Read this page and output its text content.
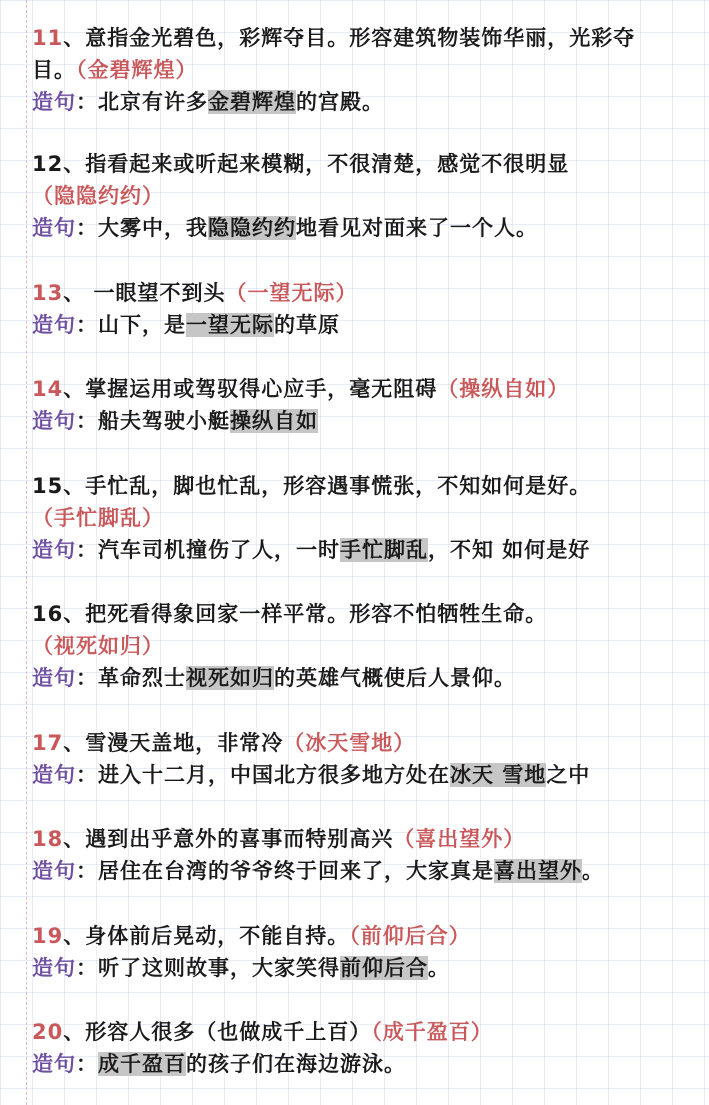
11、意指金光碧色，彩辉夺目。形容建筑物装饰华丽，光彩夺
目。（金碧辉煌）
造句：北京有许多金碧辉煌的宫殿。
12、指看起来或听起来模糊，不很清楚，感觉不很明显
（隐隐约约）
造句：大雾中，我隐隐约约地看见对面来了一个人。
13、 一眼望不到头（一望无际）
造句：山下，是一望无际的草原
14、掌握运用或驾驭得心应手，毫无阻碍（操纵自如）
造句：船夫驾驶小艇操纵自如
15、手忙乱，脚也忙乱，形容遇事慌张，不知如何是好。
（手忙脚乱）
造句：汽车司机撞伤了人，一时手忙脚乱，不知 如何是好
16、把死看得象回家一样平常。形容不怕牺牲生命。
（视死如归）
造句：革命烈士视死如归的英雄气概使后人景仰。
17、雪漫天盖地，非常冷（冰天雪地）
造句：进入十二月，中国北方很多地方处在冰天 雪地之中
18、遇到出乎意外的喜事而特别高兴（喜出望外）
造句：居住在台湾的爷爷终于回来了，大家真是喜出望外。
19、身体前后晃动，不能自持。（前仰后合）
造句：听了这则故事，大家笑得前仰后合。
20、形容人很多（也做成千上百）（成千盈百）
造句：成千盈百的孩子们在海边游泳。
